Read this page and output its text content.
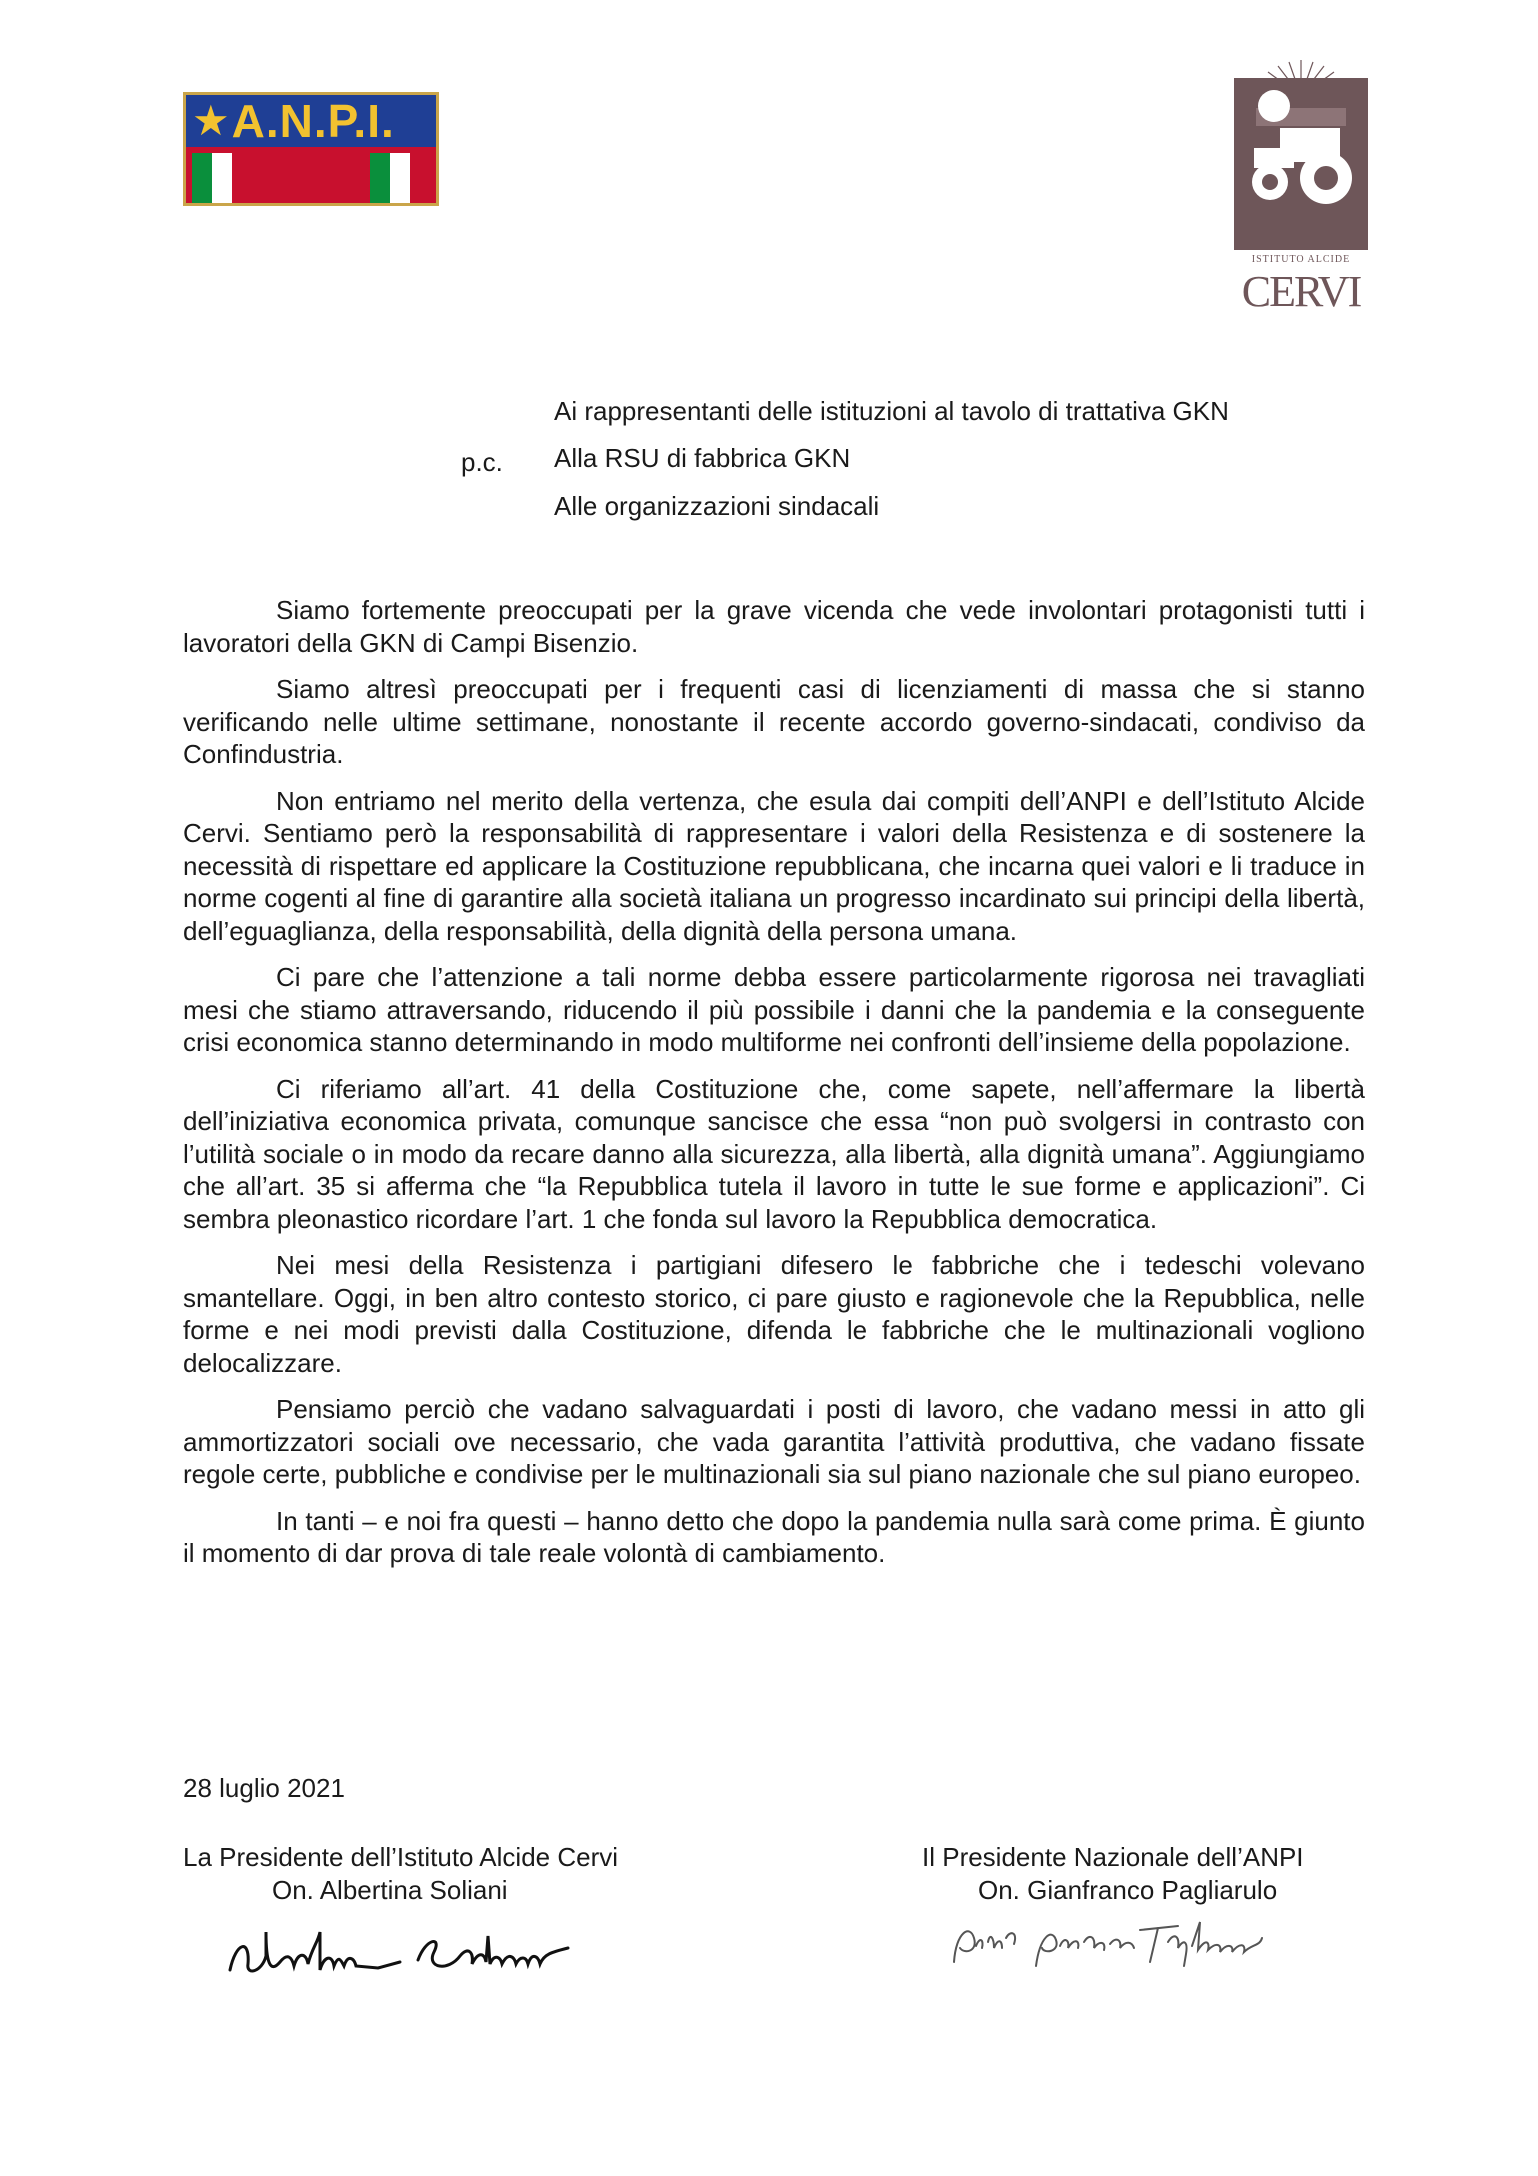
★ A.N.P.I.
ISTITUTO ALCIDE
CERVI
Ai rappresentanti delle istituzioni al tavolo di trattativa GKN
p.c. Alla RSU di fabbrica GKN
Alle organizzazioni sindacali

Siamo fortemente preoccupati per la grave vicenda che vede involontari protagonisti tutti i lavoratori della GKN di Campi Bisenzio.

Siamo altresì preoccupati per i frequenti casi di licenziamenti di massa che si stanno verificando nelle ultime settimane, nonostante il recente accordo governo-sindacati, condiviso da Confindustria.

Non entriamo nel merito della vertenza, che esula dai compiti dell’ANPI e dell’Istituto Alcide Cervi. Sentiamo però la responsabilità di rappresentare i valori della Resistenza e di sostenere la necessità di rispettare ed applicare la Costituzione repubblicana, che incarna quei valori e li traduce in norme cogenti al fine di garantire alla società italiana un progresso incardinato sui principi della libertà, dell’eguaglianza, della responsabilità, della dignità della persona umana.

Ci pare che l’attenzione a tali norme debba essere particolarmente rigorosa nei travagliati mesi che stiamo attraversando, riducendo il più possibile i danni che la pandemia e la conseguente crisi economica stanno determinando in modo multiforme nei confronti dell’insieme della popolazione.

Ci riferiamo all’art. 41 della Costituzione che, come sapete, nell’affermare la libertà dell’iniziativa economica privata, comunque sancisce che essa “non può svolgersi in contrasto con l’utilità sociale o in modo da recare danno alla sicurezza, alla libertà, alla dignità umana”. Aggiungiamo che all’art. 35 si afferma che “la Repubblica tutela il lavoro in tutte le sue forme e applicazioni”. Ci sembra pleonastico ricordare l’art. 1 che fonda sul lavoro la Repubblica democratica.

Nei mesi della Resistenza i partigiani difesero le fabbriche che i tedeschi volevano smantellare. Oggi, in ben altro contesto storico, ci pare giusto e ragionevole che la Repubblica, nelle forme e nei modi previsti dalla Costituzione, difenda le fabbriche che le multinazionali vogliono delocalizzare.

Pensiamo perciò che vadano salvaguardati i posti di lavoro, che vadano messi in atto gli ammortizzatori sociali ove necessario, che vada garantita l’attività produttiva, che vadano fissate regole certe, pubbliche e condivise per le multinazionali sia sul piano nazionale che sul piano europeo.

In tanti – e noi fra questi – hanno detto che dopo la pandemia nulla sarà come prima. È giunto il momento di dar prova di tale reale volontà di cambiamento.

28 luglio 2021
La Presidente dell’Istituto Alcide Cervi
On. Albertina Soliani
Il Presidente Nazionale dell’ANPI
On. Gianfranco Pagliarulo
